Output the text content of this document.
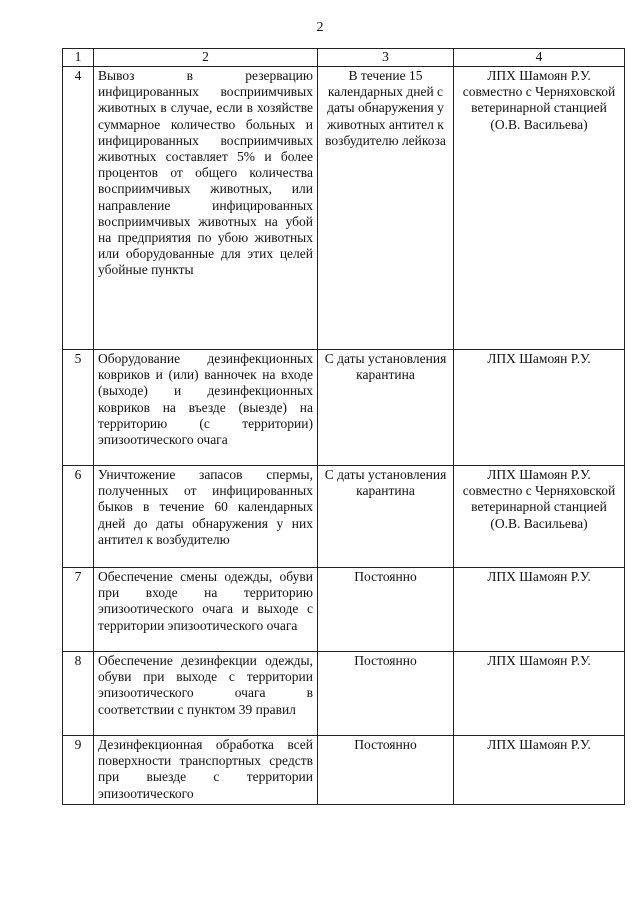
2
1	2	3	4
4	Вывоз в резервацию инфицированных восприимчивых животных в случае, если в хозяйстве суммарное количество больных и инфицированных восприимчивых животных составляет 5% и более процентов от общего количества восприимчивых животных, или направление инфицированных восприимчивых животных на убой на предприятия по убою животных или оборудованные для этих целей убойные пункты	В течение 15 календарных дней с даты обнаружения у животных антител к возбудителю лейкоза	ЛПХ Шамоян Р.У. совместно с Черняховской ветеринарной станцией (О.В. Васильева)
5	Оборудование дезинфекционных ковриков и (или) ванночек на входе (выходе) и дезинфекционных ковриков на въезде (выезде) на территорию (с территории) эпизоотического очага	С даты установления карантина	ЛПХ Шамоян Р.У.
6	Уничтожение запасов спермы, полученных от инфицированных быков в течение 60 календарных дней до даты обнаружения у них антител к возбудителю	С даты установления карантина	ЛПХ Шамоян Р.У. совместно с Черняховской ветеринарной станцией (О.В. Васильева)
7	Обеспечение смены одежды, обуви при входе на территорию эпизоотического очага и выходе с территории эпизоотического очага	Постоянно	ЛПХ Шамоян Р.У.
8	Обеспечение дезинфекции одежды, обуви при выходе с территории эпизоотического очага в соответствии с пунктом 39 правил	Постоянно	ЛПХ Шамоян Р.У.
9	Дезинфекционная обработка всей поверхности транспортных средств при выезде с территории эпизоотического	Постоянно	ЛПХ Шамоян Р.У.
